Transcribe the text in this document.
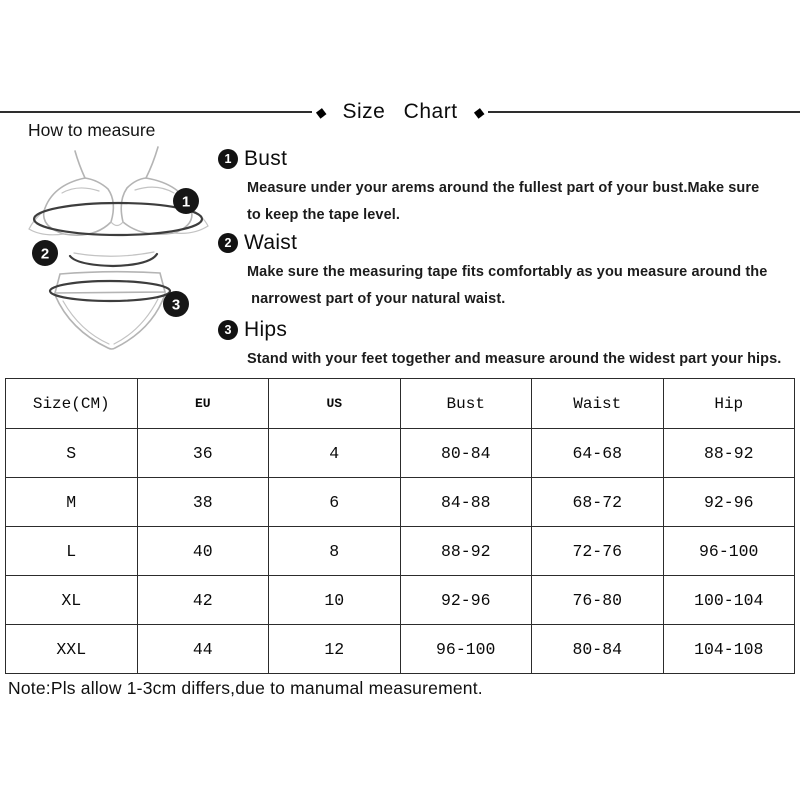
◆ Size Chart	◆
How to measure
1
2
3
1 Bust
Measure under your arems around the fullest part of your bust.Make sure
to keep the tape level.
2 Waist
Make sure the measuring tape fits comfortably as you measure around the
narrowest part of your natural waist.
3 Hips
Stand with your feet together and measure around the widest part your hips.
Size(CM)	EU	US	Bust	Waist	Hip
S	36	4	80-84	64-68	88-92
M	38	6	84-88	68-72	92-96
L	40	8	88-92	72-76	96-100
XL	42	10	92-96	76-80	100-104
XXL	44	12	96-100	80-84	104-108
Note:Pls allow 1-3cm differs,due to manumal measurement.
